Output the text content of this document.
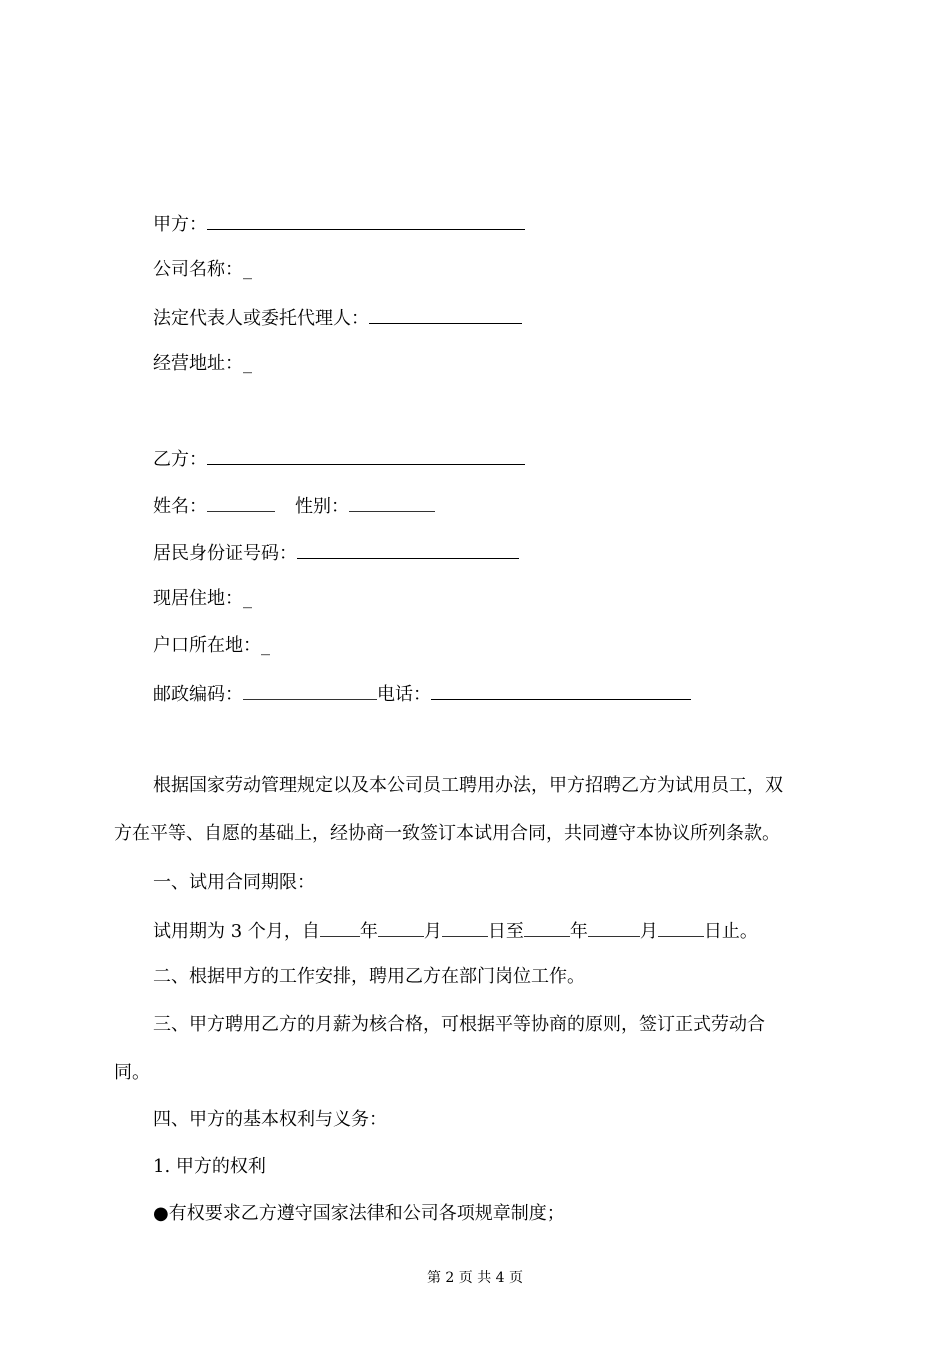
甲方：
公司名称：_
法定代表人或委托代理人：
经营地址：_
乙方：
姓名：	性别：
居民身份证号码：
现居住地：_
户口所在地：_
邮政编码：	电话：
根据国家劳动管理规定以及本公司员工聘用办法，甲方招聘乙方为试用员工，双
方在平等、自愿的基础上，经协商一致签订本试用合同，共同遵守本协议所列条款。
一、试用合同期限：
试用期为 3 个月，自 年	月	日至	年	月	日止。
二、根据甲方的工作安排，聘用乙方在部门岗位工作。
三、甲方聘用乙方的月薪为核合格，可根据平等协商的原则，签订正式劳动合
同。
四、甲方的基本权利与义务：
1. 甲方的权利
●有权要求乙方遵守国家法律和公司各项规章制度；
第 2 页 共 4 页
